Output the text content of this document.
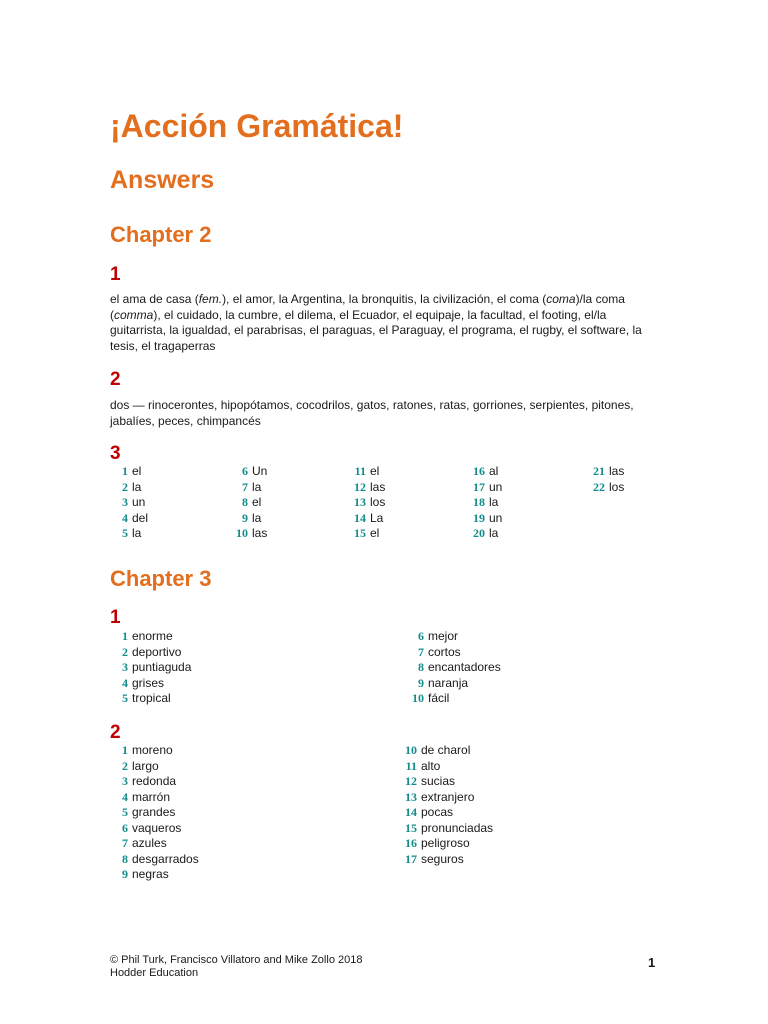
¡Acción Gramática!
Answers
Chapter 2
1

el ama de casa (fem.), el amor, la Argentina, la bronquitis, la civilización, el coma (coma)/la coma (comma), el cuidado, la cumbre, el dilema, el Ecuador, el equipaje, la facultad, el footing, el/la guitarrista, la igualdad, el parabrisas, el paraguas, el Paraguay, el programa, el rugby, el software, la tesis, el tragaperras

2

dos — rinocerontes, hipopótamos, cocodrilos, gatos, ratones, ratas, gorriones, serpientes, pitones, jabalíes, peces, chimpancés

3
1 el
2 la
3 un
4 del
5 la
6 Un
7 la
8 el
9 la
10 las
11 el
12 las
13 los
14 La
15 el
16 al
17 un
18 la
19 un
20 la
21 las
22 los
Chapter 3
1
1 enorme
2 deportivo
3 puntiaguda
4 grises
5 tropical
6 mejor
7 cortos
8 encantadores
9 naranja
10 fácil
2
1 moreno
2 largo
3 redonda
4 marrón
5 grandes
6 vaqueros
7 azules
8 desgarrados
9 negras
10 de charol
11 alto
12 sucias
13 extranjero
14 pocas
15 pronunciadas
16 peligroso
17 seguros
© Phil Turk, Francisco Villatoro and Mike Zollo 2018
Hodder Education
1
